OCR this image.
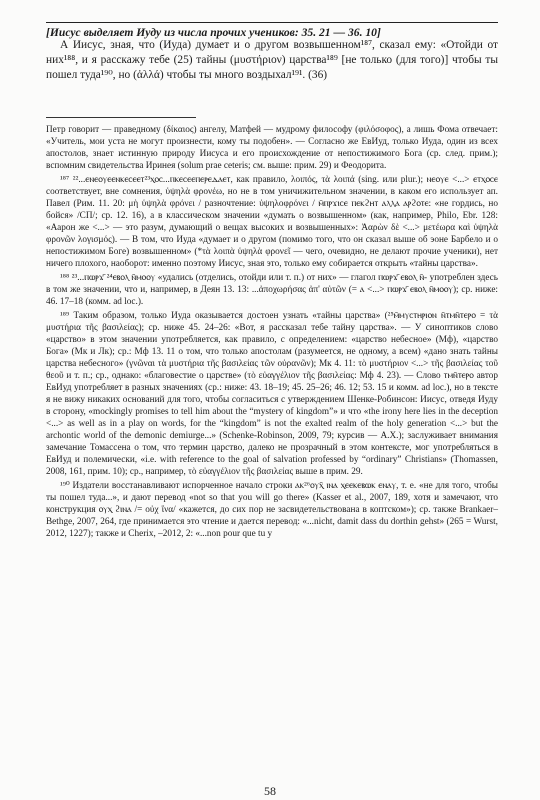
[Иисус выделяет Иуду из числа прочих учеников: 35. 21 — 36. 10]
А Иисус, зная, что (Иуда) думает и о другом возвышенном¹⁸⁷, сказал ему: «Отойди от них¹⁸⁸, и я расскажу тебе (25) тайны (μυστήριον) царства¹⁸⁹ [не только (для того)] чтобы ты пошел туда¹⁹⁰, но (ἀλλά) чтобы ты много воздыхал¹⁹¹. (36)

Петр говорит — праведному (δίκαιος) ангелу, Матфей — мудрому философу (φιλόσοφος), а лишь Фома отвечает: «Учитель, мои уста не могут произнести, кому ты подобен». — Согласно же ЕвИуд, только Иуда, один из всех апостолов, знает истинную природу Иисуса и его происхождение от непостижимого Бога (ср. след. прим.); вспомним свидетельства Иринея (solum prae ceteris; см. выше: прим. 29) и Феодорита.

¹⁸⁷ ²²...ⲉⲛⲉⲟⲩⲉⲉⲛⲕⲉⲥⲉⲉⲧ²³ⲭⲟⲥ...ⲡⲕⲉⲥⲉⲉⲡⲉⲣⲉⲇⲁⲉⲧ, как правило, λοιπός, τὰ λοιπά (sing. или plur.); ⲛⲉⲟⲩⲉ <...> ⲉⲧⲭⲟⲥⲉ соответствует, вне сомнения, ὑψηλὰ φρονέω, но не в том уничижительном значении, в каком его использует ап. Павел (Рим. 11. 20: μὴ ὑψηλὰ φρόνει / разночтение: ὑψηλοφρόνει / ⲙ̄ⲡⲣϫⲓⲥⲉ ⲡⲉⲕϩⲏⲧ ⲁⲗⲗⲁ ⲁⲣϩⲟⲧⲉ: «не гордись, но бойся» /СП/; ср. 12. 16), а в классическом значении «думать о возвышенном» (как, например, Philo, Ebr. 128: «Аарон же <...> — это разум, думающий о вещах высоких и возвышенных»: Ἀαρὼν δὲ <...> μετέωρα καὶ ὑψηλὰ φρονῶν λογισμός). — В том, что Иуда «думает и о другом (помимо того, что он сказал выше об эоне Барбело и о непостижимом Боге) возвышенном» (*τὰ λοιπὰ ὑψηλὰ φρονεῖ — чего, очевидно, не делают прочие ученики), нет ничего плохого, наоборот: именно поэтому Иисус, зная это, только ему собирается открыть «тайны царства».

¹⁸⁸ ²³...ⲡⲱⲣϫ̄ ²⁴ⲉⲃⲟⲗ ⲛ̄ⲙⲟⲟⲩ «удались (отделись, отойди или т. п.) от них» — глагол ⲡⲱⲣϫ̄ ⲉⲃⲟⲗ ⲛ̄- употреблен здесь в том же значении, что и, например, в Деян 13. 13: ...ἀποχωρήσας ἀπ' αὐτῶν (= ⲁ <...> ⲡⲱⲣϫ̄ ⲉⲃⲟⲗ ⲛ̄ⲙⲟⲟⲩ); ср. ниже: 46. 17–18 (комм. ad loc.).

¹⁸⁹ Таким образом, только Иуда оказывается достоен узнать «тайны царства» (²⁵ⲙ̄ⲙⲩⲥⲧⲏⲣⲓⲟⲛ ⲛ̄ⲧⲙⲛ̄ⲧⲉⲣⲟ = τὰ μυστήρια τῆς βασιλείας); ср. ниже 45. 24–26: «Вот, я рассказал тебе тайну царства». — У синоптиков слово «царство» в этом значении употребляется, как правило, с определением: «царство небесное» (Мф), «царство Бога» (Мк и Лк); ср.: Мф 13. 11 о том, что только апостолам (разумеется, не одному, а всем) «дано знать тайны царства небесного» (γνῶναι τὰ μυστήρια τῆς βασιλείας τῶν οὐρανῶν); Мк 4. 11: τὸ μυστήριον <...> τῆς βασιλείας τοῦ θεοῦ и т. п.; ср., однако: «благовестие о царстве» (τὸ εὐαγγέλιον τῆς βασιλείας: Мф 4. 23). — Слово ⲧⲙⲛ̄ⲧⲉⲣⲟ автор ЕвИуд употребляет в разных значениях (ср.: ниже: 43. 18–19; 45. 25–26; 46. 12; 53. 15 и комм. ad loc.), но в тексте я не вижу никаких оснований для того, чтобы согласиться с утверждением Шенке-Робинсон: Иисус, отведя Иуду в сторону, «mockingly promises to tell him about the “mystery of kingdom”» и что «the irony here lies in the deception <...> as well as in a play on words, for the “kingdom” is not the exalted realm of the holy generation <...> but the archontic world of the demonic demiurge...» (Schenke-Robinson, 2009, 79; курсив — А.Х.); заслуживает внимания замечание Томассена о том, что термин царство, далеко не прозрачный в этом контексте, мог употребляться в ЕвИуд и полемически, «i.e. with reference to the goal of salvation professed by “ordinary” Christians» (Thomassen, 2008, 161, прим. 10); ср., например, τὸ εὐαγγέλιον τῆς βασιλείας выше в прим. 29.

¹⁹⁰ Издатели восстанавливают испорченное начало строки ⲁⲕ²⁶ⲟⲩⲭ̄ ⲓⲛⲁ ⲭⲉⲉⲕⲉⲃⲱⲕ ⲉⲛⲁⲩ, т. е. «не для того, чтобы ты пошел туда...», и дают перевод «not so that you will go there» (Kasser et al., 2007, 189, хотя и замечают, что конструкция ⲟⲩⲭ ϩⲓⲛⲁ /= οὐχ ἵνα/ «кажется, до сих пор не засвидетельствована в коптском»); ср. также Brankaer–Bethge, 2007, 264, где принимается это чтение и дается перевод: «...nicht, damit dass du dorthin gehst» (265 = Wurst, 2012, 1227); также и Cherix, –2012, 2: «...non pour que tu y

58
